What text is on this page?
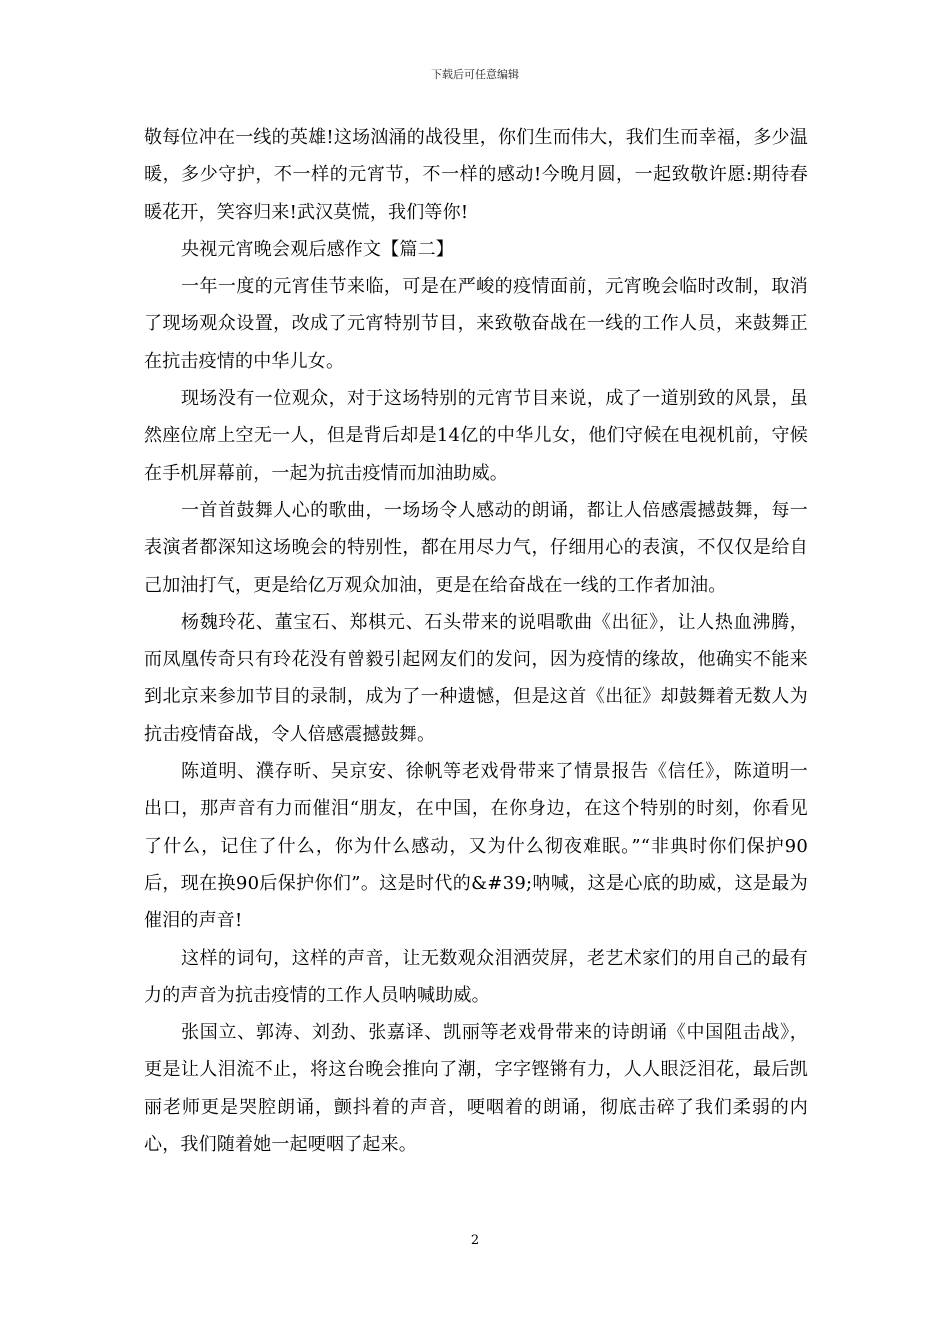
下载后可任意编辑

敬每位冲在一线的英雄!这场汹涌的战役里，你们生而伟大，我们生而幸福，多少温暖，多少守护，不一样的元宵节，不一样的感动!今晚月圆，一起致敬许愿:期待春暖花开，笑容归来!武汉莫慌，我们等你!

央视元宵晚会观后感作文【篇二】

一年一度的元宵佳节来临，可是在严峻的疫情面前，元宵晚会临时改制，取消了现场观众设置，改成了元宵特别节目，来致敬奋战在一线的工作人员，来鼓舞正在抗击疫情的中华儿女。

现场没有一位观众，对于这场特别的元宵节目来说，成了一道别致的风景，虽然座位席上空无一人，但是背后却是14亿的中华儿女，他们守候在电视机前，守候在手机屏幕前，一起为抗击疫情而加油助威。

一首首鼓舞人心的歌曲，一场场令人感动的朗诵，都让人倍感震撼鼓舞，每一表演者都深知这场晚会的特别性，都在用尽力气，仔细用心的表演，不仅仅是给自己加油打气，更是给亿万观众加油，更是在给奋战在一线的工作者加油。

杨魏玲花、董宝石、郑棋元、石头带来的说唱歌曲《出征》，让人热血沸腾，而凤凰传奇只有玲花没有曾毅引起网友们的发问，因为疫情的缘故，他确实不能来到北京来参加节目的录制，成为了一种遗憾，但是这首《出征》却鼓舞着无数人为抗击疫情奋战，令人倍感震撼鼓舞。

陈道明、濮存昕、吴京安、徐帆等老戏骨带来了情景报告《信任》，陈道明一出口，那声音有力而催泪“朋友，在中国，在你身边，在这个特别的时刻，你看见了什么，记住了什么，你为什么感动，又为什么彻夜难眠。”“非典时你们保护90后，现在换90后保护你们”。这是时代的&#39;呐喊，这是心底的助威，这是最为催泪的声音!

这样的词句，这样的声音，让无数观众泪洒荧屏，老艺术家们的用自己的最有力的声音为抗击疫情的工作人员呐喊助威。

张国立、郭涛、刘劲、张嘉译、凯丽等老戏骨带来的诗朗诵《中国阻击战》，更是让人泪流不止，将这台晚会推向了潮，字字铿锵有力，人人眼泛泪花，最后凯丽老师更是哭腔朗诵，颤抖着的声音，哽咽着的朗诵，彻底击碎了我们柔弱的内心，我们随着她一起哽咽了起来。

2
